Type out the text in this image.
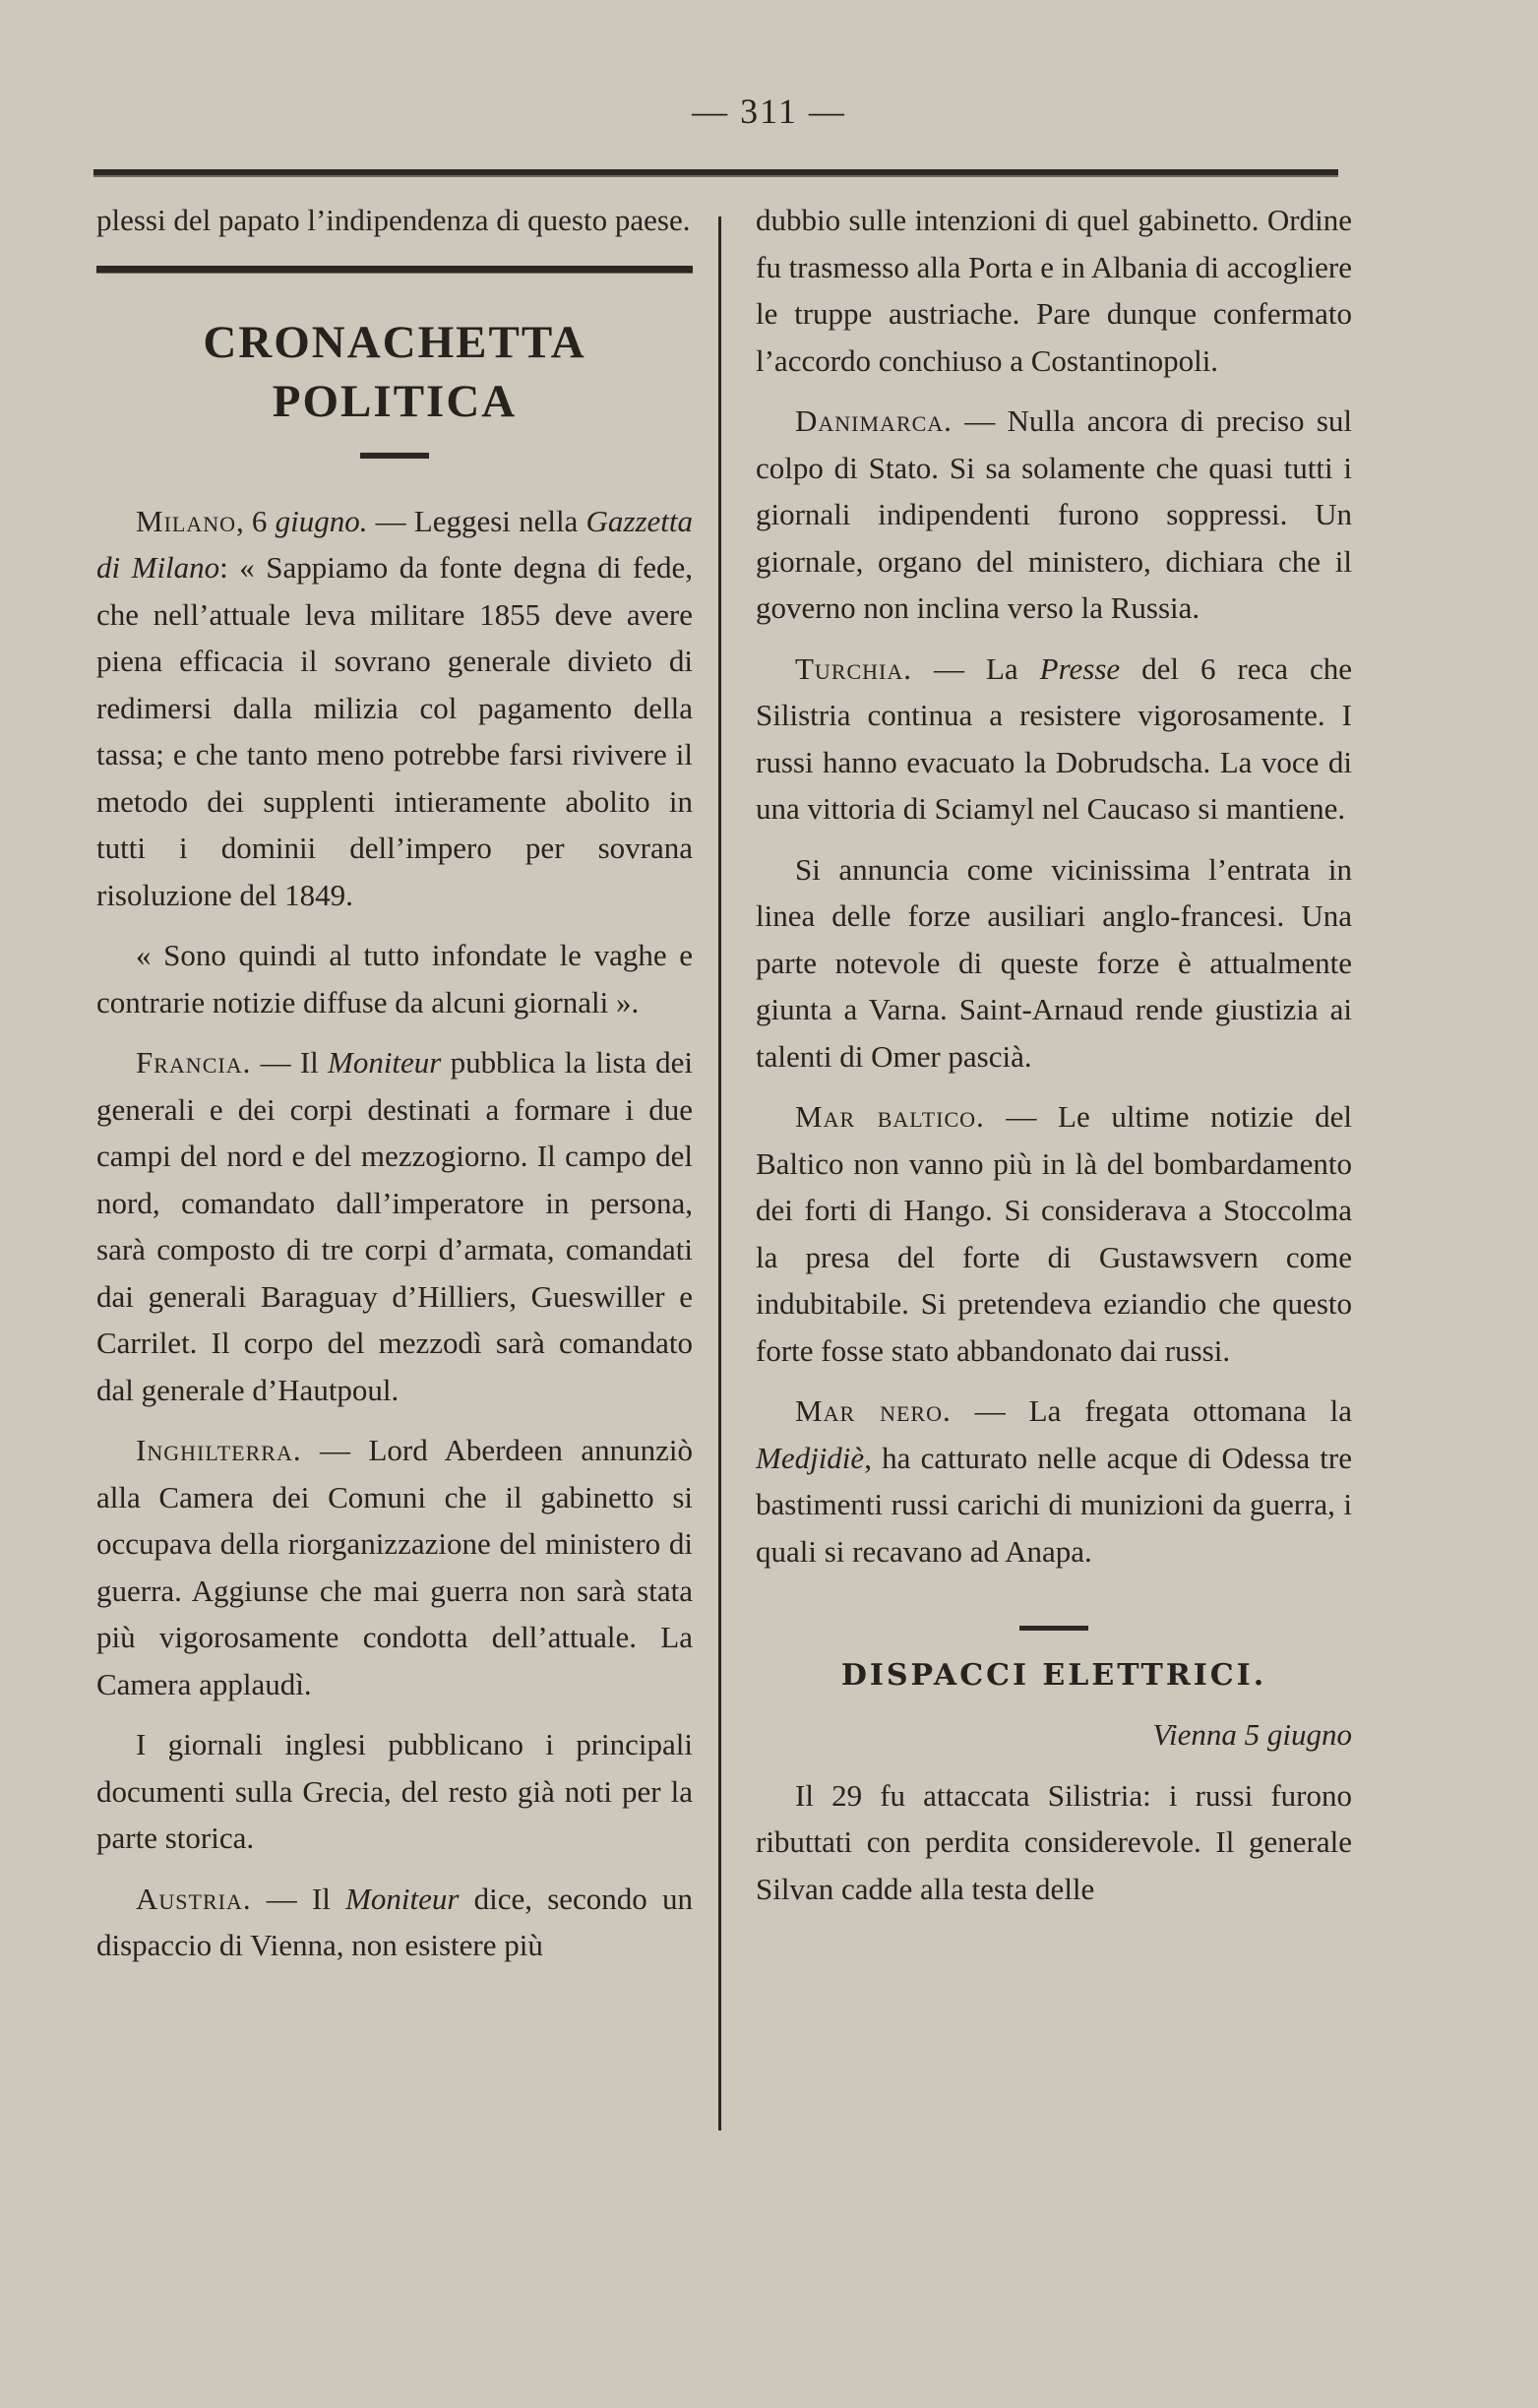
— 311 —

plessi del papato l’indipendenza di questo paese.

CRONACHETTA POLITICA

Milano, 6 giugno. — Leggesi nella Gazzetta di Milano: « Sappiamo da fonte degna di fede, che nell’attuale leva militare 1855 deve avere piena efficacia il sovrano generale divieto di redimersi dalla milizia col pagamento della tassa; e che tanto meno potrebbe farsi rivivere il metodo dei supplenti intieramente abolito in tutti i dominii dell’impero per sovrana risoluzione del 1849.

« Sono quindi al tutto infondate le vaghe e contrarie notizie diffuse da alcuni giornali ».

Francia. — Il Moniteur pubblica la lista dei generali e dei corpi destinati a formare i due campi del nord e del mezzogiorno. Il campo del nord, comandato dall’imperatore in persona, sarà composto di tre corpi d’armata, comandati dai generali Baraguay d’Hilliers, Gueswiller e Carrilet. Il corpo del mezzodì sarà comandato dal generale d’Hautpoul.

Inghilterra. — Lord Aberdeen annunziò alla Camera dei Comuni che il gabinetto si occupava della riorganizzazione del ministero di guerra. Aggiunse che mai guerra non sarà stata più vigorosamente condotta dell’attuale. La Camera applaudì.

I giornali inglesi pubblicano i principali documenti sulla Grecia, del resto già noti per la parte storica.

Austria. — Il Moniteur dice, secondo un dispaccio di Vienna, non esistere più

dubbio sulle intenzioni di quel gabinetto. Ordine fu trasmesso alla Porta e in Albania di accogliere le truppe austriache. Pare dunque confermato l’accordo conchiuso a Costantinopoli.

Danimarca. — Nulla ancora di preciso sul colpo di Stato. Si sa solamente che quasi tutti i giornali indipendenti furono soppressi. Un giornale, organo del ministero, dichiara che il governo non inclina verso la Russia.

Turchia. — La Presse del 6 reca che Silistria continua a resistere vigorosamente. I russi hanno evacuato la Dobrudscha. La voce di una vittoria di Sciamyl nel Caucaso si mantiene.

Si annuncia come vicinissima l’entrata in linea delle forze ausiliari anglo-francesi. Una parte notevole di queste forze è attualmente giunta a Varna. Saint-Arnaud rende giustizia ai talenti di Omer pascià.

Mar baltico. — Le ultime notizie del Baltico non vanno più in là del bombardamento dei forti di Hango. Si considerava a Stoccolma la presa del forte di Gustawsvern come indubitabile. Si pretendeva eziandio che questo forte fosse stato abbandonato dai russi.

Mar nero. — La fregata ottomana la Medjidiè, ha catturato nelle acque di Odessa tre bastimenti russi carichi di munizioni da guerra, i quali si recavano ad Anapa.

DISPACCI ELETTRICI.

Vienna 5 giugno

Il 29 fu attaccata Silistria: i russi furono ributtati con perdita considerevole. Il generale Silvan cadde alla testa delle
